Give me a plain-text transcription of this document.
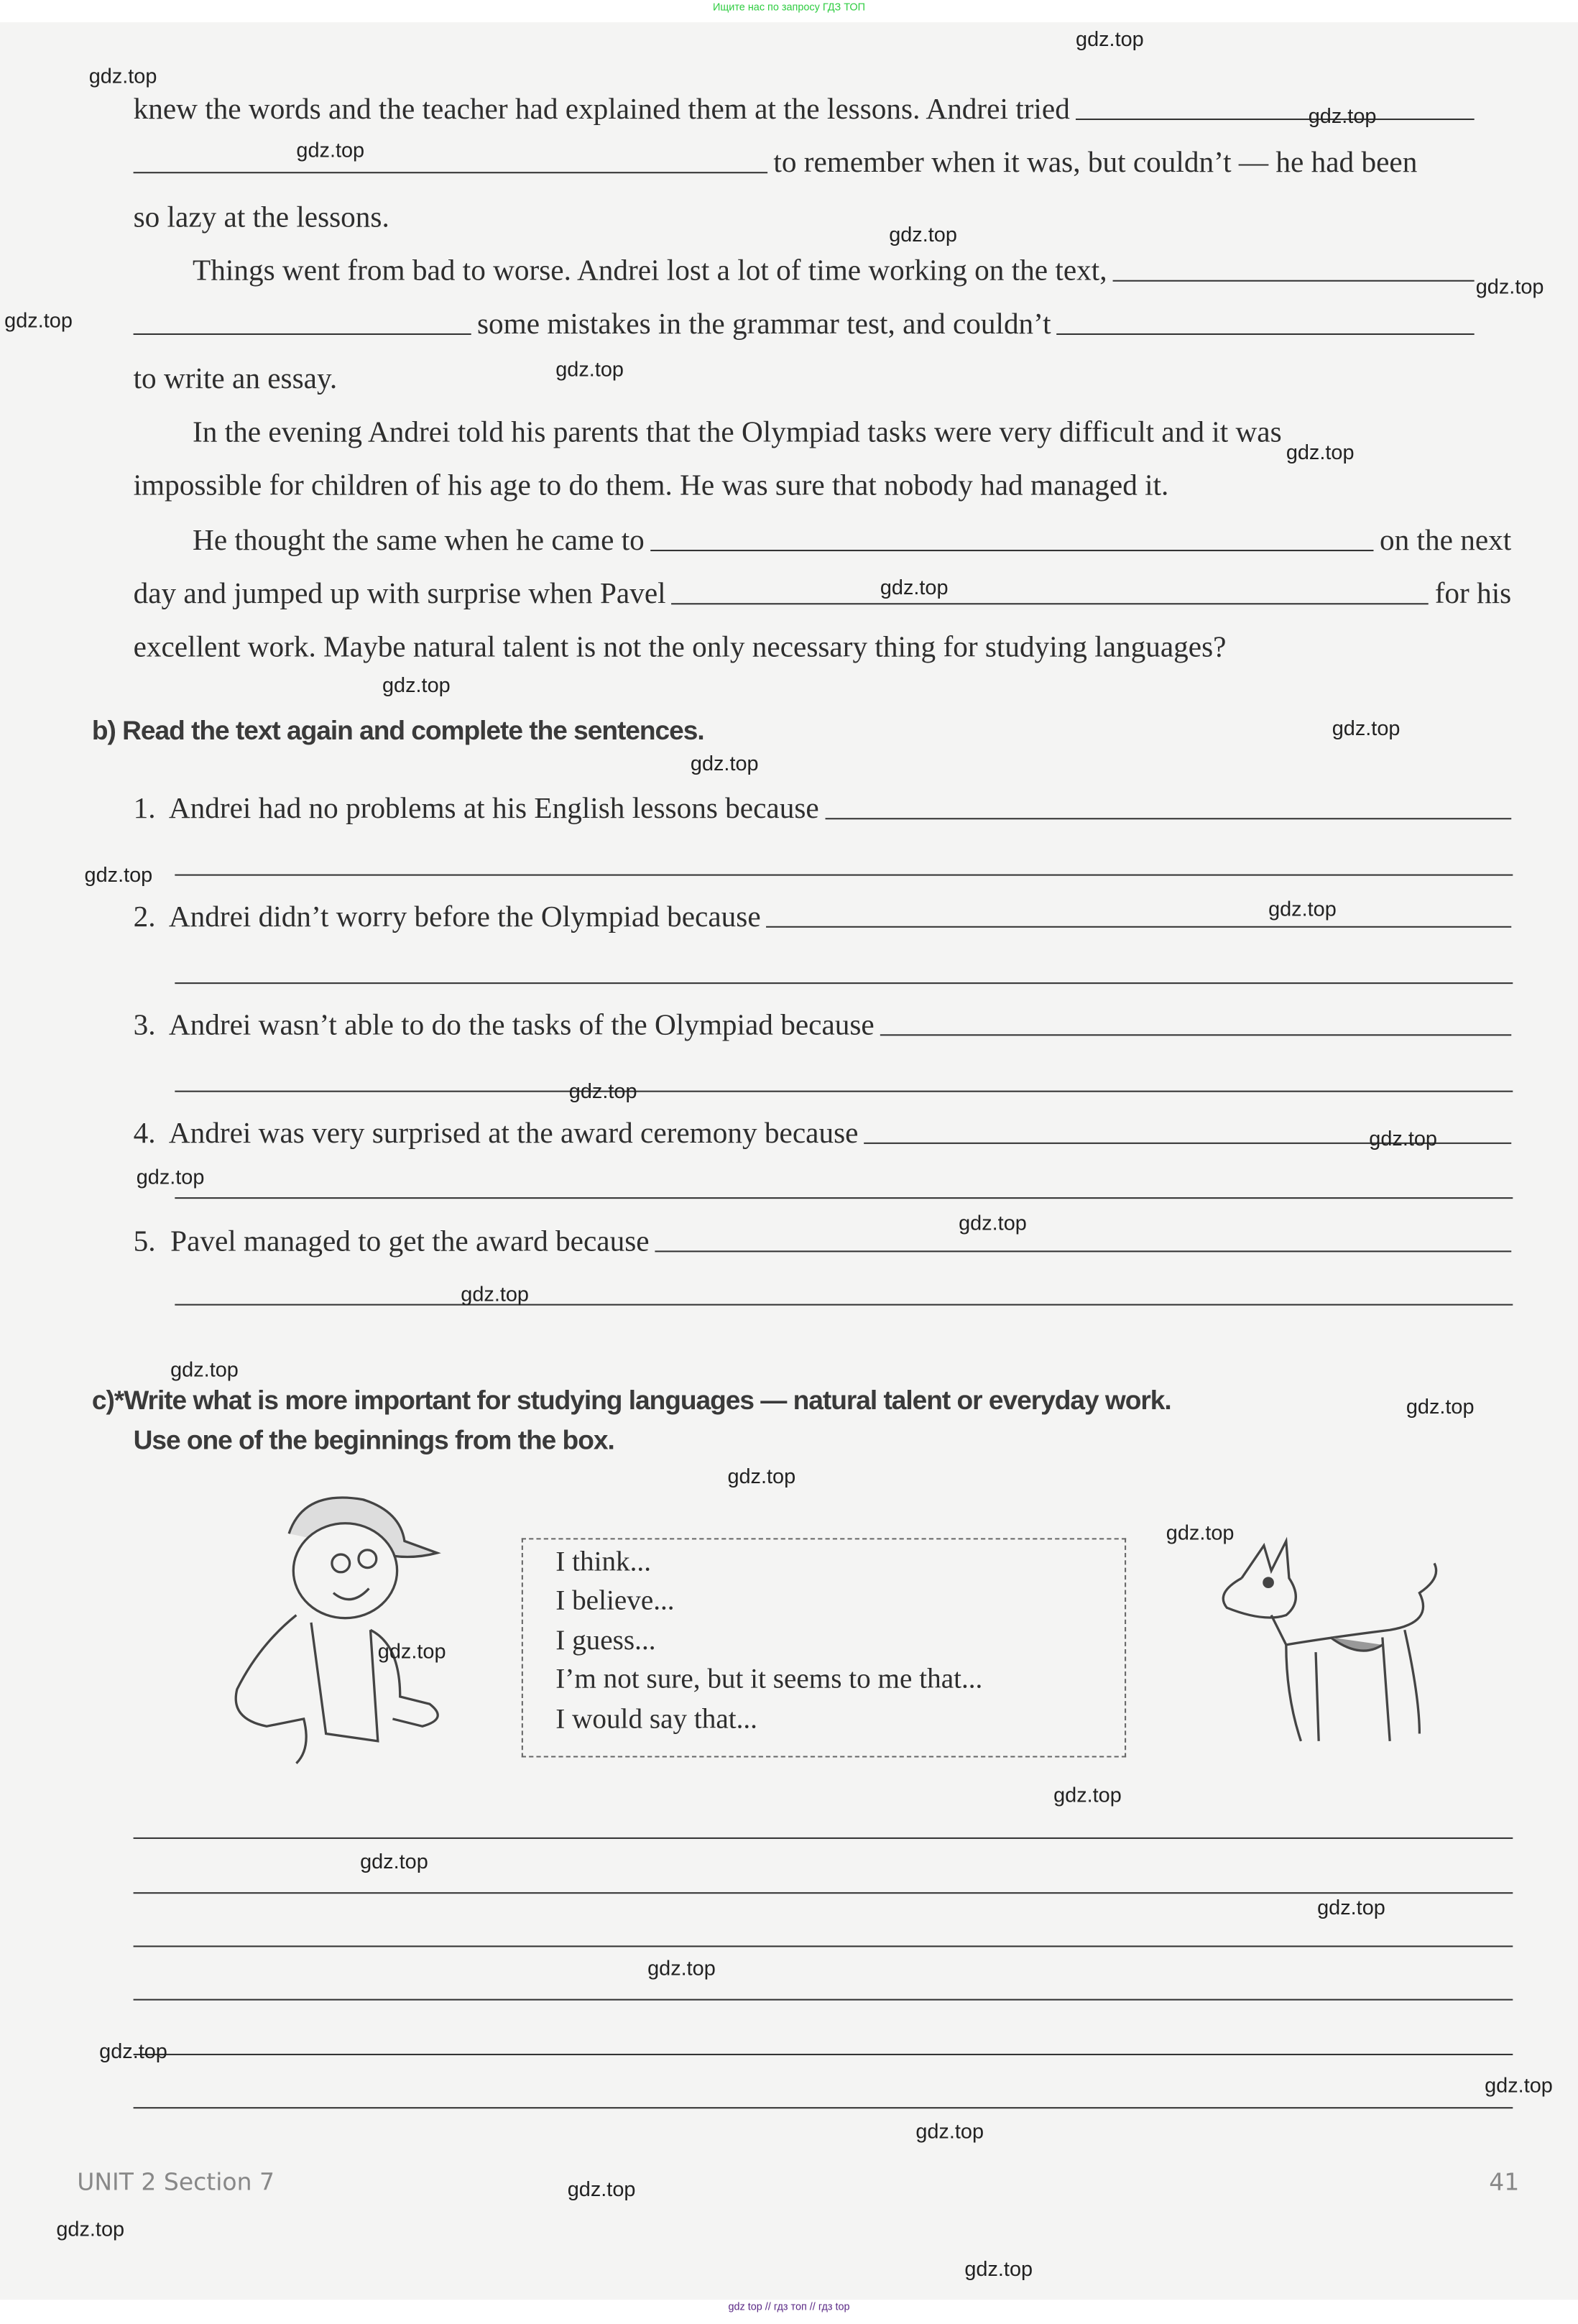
Ищите нас по запросу ГДЗ ТОП
knew the words and the teacher had explained them at the lessons. Andrei tried
to remember when it was, but couldn’t — he had been
so lazy at the lessons.
Things went from bad to worse. Andrei lost a lot of time working on the text,
some mistakes in the grammar test, and couldn’t
to write an essay.
In the evening Andrei told his parents that the Olympiad tasks were very difficult and it was
impossible for children of his age to do them. He was sure that nobody had managed it.
He thought the same when he came to	on the next
day and jumped up with surprise when Pavel	for his
excellent work. Maybe natural talent is not the only necessary thing for studying languages?
b) Read the text again and complete the sentences.
1.  Andrei had no problems at his English lessons because
2.  Andrei didn’t worry before the Olympiad because
3.  Andrei wasn’t able to do the tasks of the Olympiad because
4.  Andrei was very surprised at the award ceremony because
5.  Pavel managed to get the award because
c)*Write what is more important for studying languages — natural talent or everyday work.
Use one of the beginnings from the box.
I think...
I believe...
I guess...
I’m not sure, but it seems to me that...
I would say that...
UNIT 2 Section 7	41
gdz top // гдз топ // гдз top
gdz.top
gdz.top
gdz.top
gdz.top
gdz.top
gdz.top
gdz.top
gdz.top
gdz.top
gdz.top
gdz.top
gdz.top
gdz.top
gdz.top
gdz.top
gdz.top
gdz.top
gdz.top
gdz.top
gdz.top
gdz.top
gdz.top
gdz.top
gdz.top
gdz.top
gdz.top
gdz.top
gdz.top
gdz.top
gdz.top
gdz.top
gdz.top
gdz.top
gdz.top
gdz.top
